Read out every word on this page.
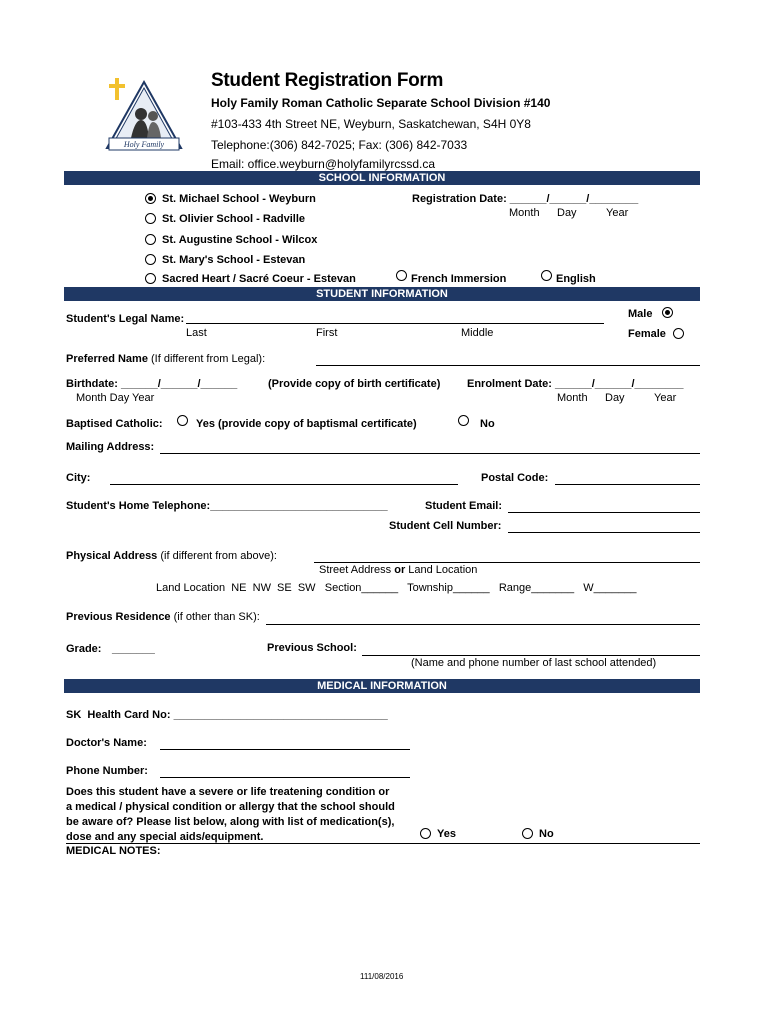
Holy Family
Student Registration Form
Holy Family Roman Catholic Separate School Division #140
#103-433 4th Street NE, Weyburn, Saskatchewan, S4H 0Y8
Telephone:(306) 842-7025; Fax: (306) 842-7033
Email: office.weyburn@holyfamilyrcssd.ca
SCHOOL INFORMATION
St. Michael School - Weyburn
St. Olivier School - Radville
St. Augustine School - Wilcox
St. Mary's School - Estevan
Sacred Heart / Sacré Coeur - Estevan	French Immersion	English
Registration Date: ______/______/________
Month Day	Year
STUDENT INFORMATION
Student's Legal Name:
Last	First	Middle
Male
Female
Preferred Name (If different from Legal):
Birthdate: ______/______/______
Month Day Year
(Provide copy of birth certificate) Enrolment Date: ______/______/________
Month Day	Year
Baptised Catholic:	Yes (provide copy of baptismal certificate)	No
Mailing Address:
City:	Postal Code:
Student's Home Telephone:_____________________________	Student Email:
Student Cell Number:
Physical Address (if different from above):
Street Address or Land Location
Land Location  NE  NW  SE  SW   Section______   Township______   Range_______   W_______
Previous Residence (if other than SK):
Grade: _______	Previous School:
(Name and phone number of last school attended)
MEDICAL INFORMATION
SK  Health Card No: ___________________________________
Doctor's Name:
Phone Number:
Does this student have a severe or life treatening condition or
a medical / physical condition or allergy that the school should
be aware of? Please list below, along with list of medication(s),
dose and any special aids/equipment.	Yes	No
MEDICAL NOTES:
111/08/2016
